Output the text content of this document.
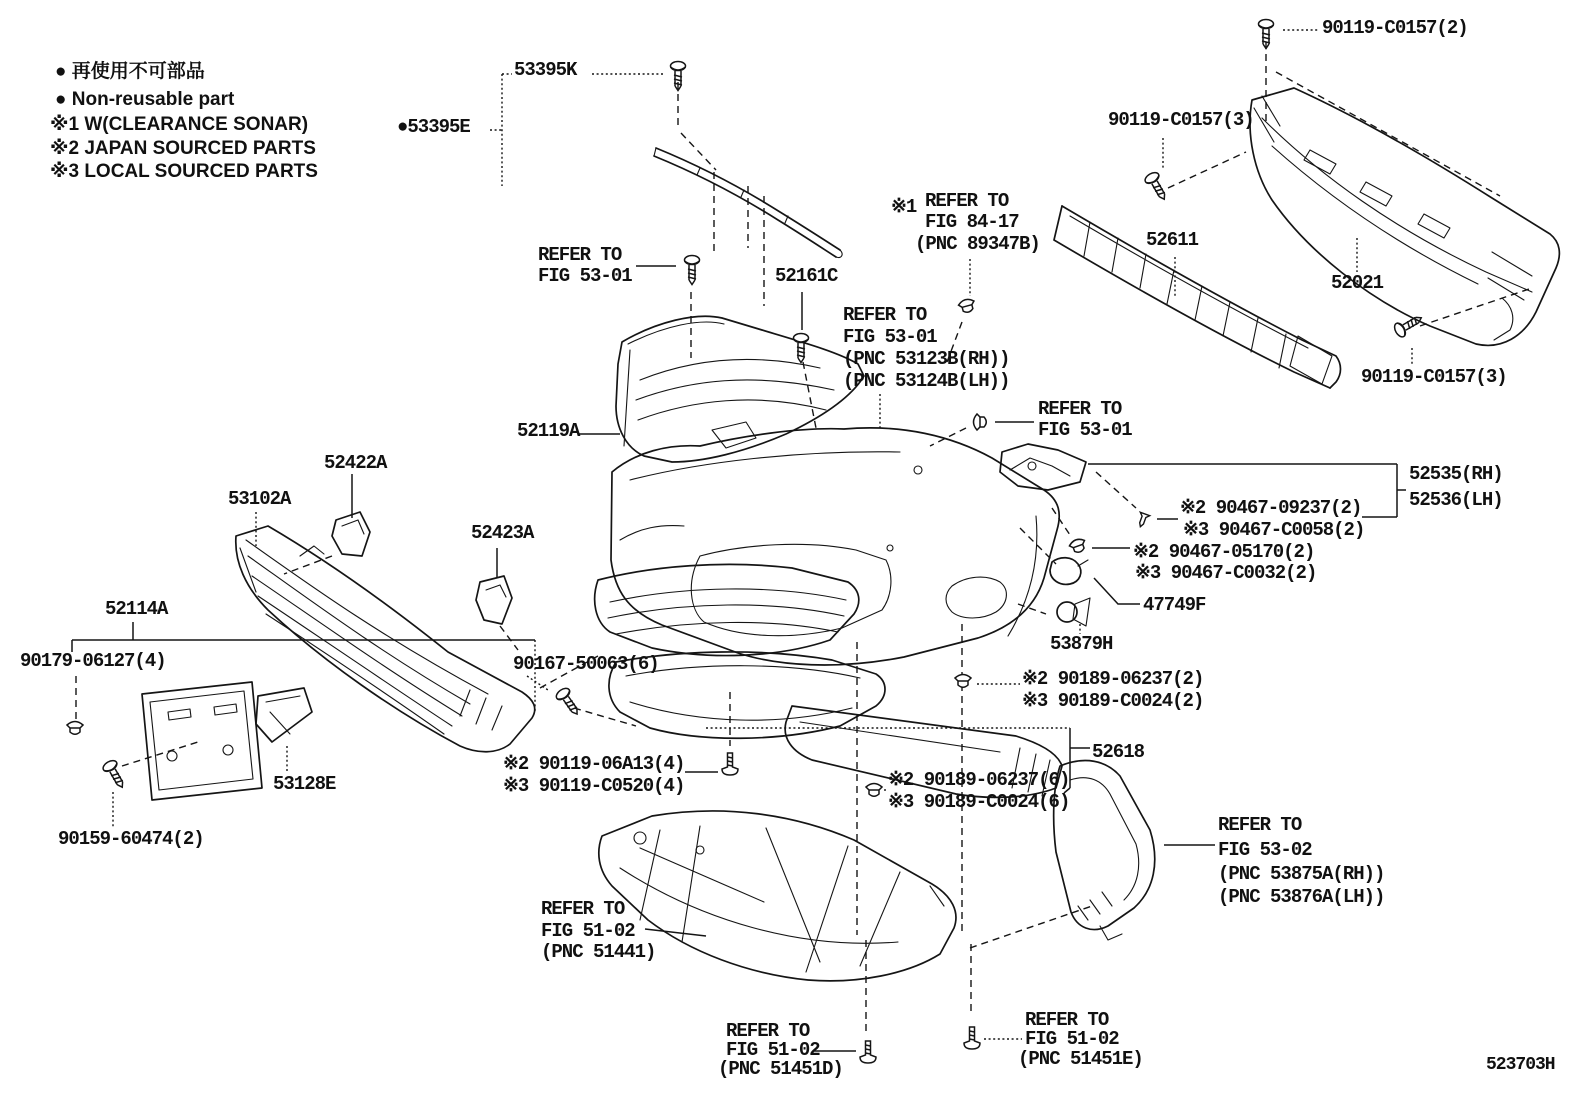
53395K
●53395E
90119-C0157(2)
90119-C0157(3)
52611
52021
90119-C0157(3)
REFER TO
FIG 53-01	52161C
※1 REFER TO
FIG 84-17
(PNC 89347B)
REFER TO
FIG 53-01
(PNC 53123B(RH))
(PNC 53124B(LH))
52119A
REFER TO
FIG 53-01
52535(RH)
52536(LH)
※2 90467-09237(2)
※3 90467-C0058(2)
※2 90467-05170(2)
※3 90467-C0032(2)
47749F
53879H
52422A
53102A
52423A
52114A
90179-06127(4)
53128E
90159-60474(2)
90167-50063(6)
※2 90119-06A13(4)
※3 90119-C0520(4)
※2 90189-06237(2)
※3 90189-C0024(2)
52618
※2 90189-06237(6)
※3 90189-C0024(6)
REFER TO
FIG 53-02
(PNC 53875A(RH))
(PNC 53876A(LH))
REFER TO
FIG 51-02
(PNC 51441)
REFER TO
FIG 51-02
(PNC 51451D)
REFER TO
FIG 51-02
(PNC 51451E)	523703H
● 再使用不可部品
● Non-reusable part
※1 W(CLEARANCE SONAR)
※2 JAPAN SOURCED PARTS
※3 LOCAL SOURCED PARTS
